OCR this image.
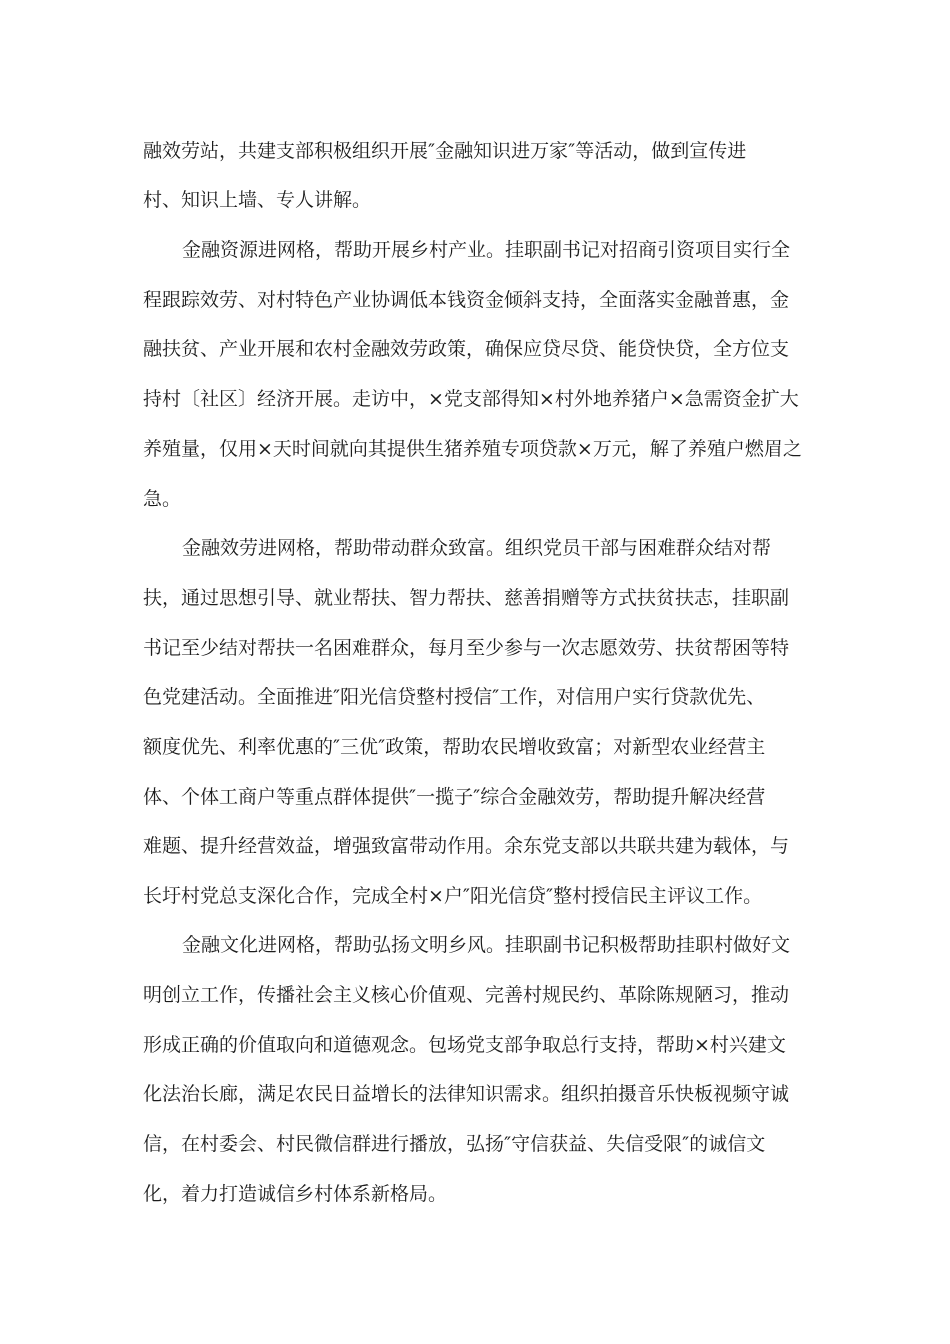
融效劳站，共建支部积极组织开展″金融知识进万家″等活动，做到宣传进
村、知识上墙、专人讲解。
金融资源进网格，帮助开展乡村产业。挂职副书记对招商引资项目实行全
程跟踪效劳、对村特色产业协调低本钱资金倾斜支持，全面落实金融普惠，金
融扶贫、产业开展和农村金融效劳政策，确保应贷尽贷、能贷快贷，全方位支
持村〔社区〕经济开展。走访中，×党支部得知×村外地养猪户×急需资金扩大
养殖量，仅用×天时间就向其提供生猪养殖专项贷款×万元，解了养殖户燃眉之
急。
金融效劳进网格，帮助带动群众致富。组织党员干部与困难群众结对帮
扶，通过思想引导、就业帮扶、智力帮扶、慈善捐赠等方式扶贫扶志，挂职副
书记至少结对帮扶一名困难群众，每月至少参与一次志愿效劳、扶贫帮困等特
色党建活动。全面推进″阳光信贷整村授信″工作，对信用户实行贷款优先、
额度优先、利率优惠的″三优″政策，帮助农民增收致富；对新型农业经营主
体、个体工商户等重点群体提供″一揽子″综合金融效劳，帮助提升解决经营
难题、提升经营效益，增强致富带动作用。余东党支部以共联共建为载体，与
长圩村党总支深化合作，完成全村×户″阳光信贷″整村授信民主评议工作。
金融文化进网格，帮助弘扬文明乡风。挂职副书记积极帮助挂职村做好文
明创立工作，传播社会主义核心价值观、完善村规民约、革除陈规陋习，推动
形成正确的价值取向和道德观念。包场党支部争取总行支持，帮助×村兴建文
化法治长廊，满足农民日益增长的法律知识需求。组织拍摄音乐快板视频守诚
信，在村委会、村民微信群进行播放，弘扬″守信获益、失信受限″的诚信文
化，着力打造诚信乡村体系新格局。
